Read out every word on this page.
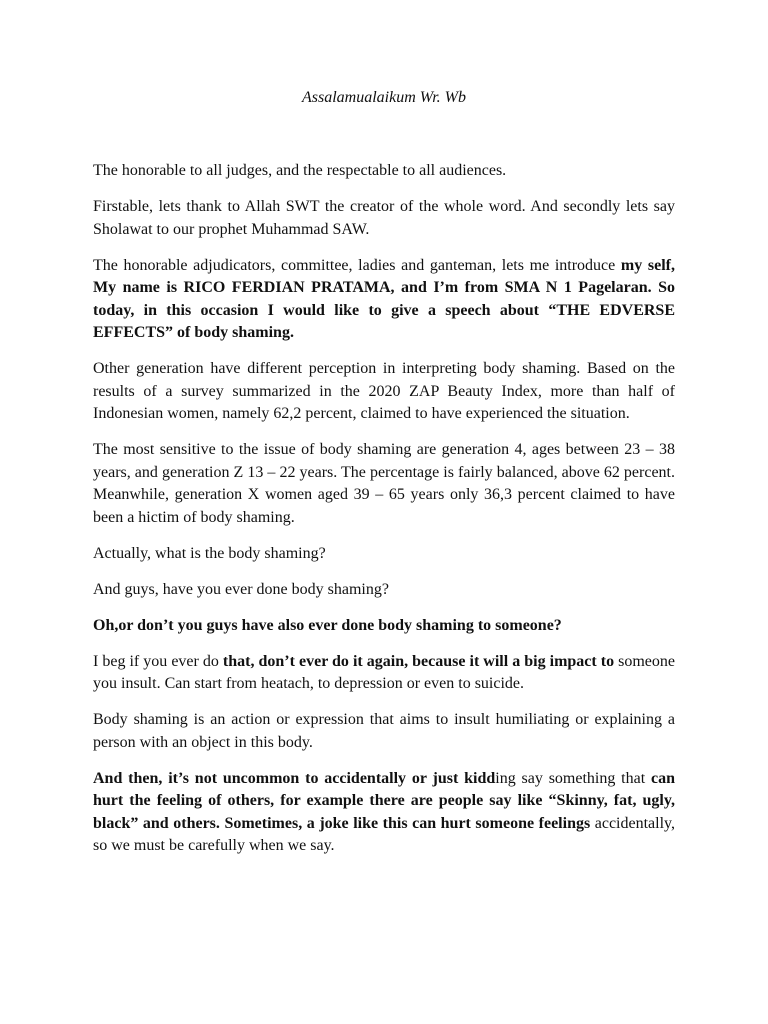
Assalamualaikum Wr. Wb

The honorable to all judges, and the respectable to all audiences.

Firstable, lets thank to Allah SWT the creator of the whole word. And secondly lets say Sholawat to our prophet Muhammad SAW.

The honorable adjudicators, committee, ladies and ganteman, lets me introduce my self, My name is RICO FERDIAN PRATAMA, and I’m from SMA N 1 Pagelaran. So today, in this occasion I would like to give a speech about “THE EDVERSE EFFECTS” of body shaming.

Other generation have different perception in interpreting body shaming. Based on the results of a survey summarized in the 2020 ZAP Beauty Index, more than half of Indonesian women, namely 62,2 percent, claimed to have experienced the situation.

The most sensitive to the issue of body shaming are generation 4, ages between 23 – 38 years, and generation Z 13 – 22 years. The percentage is fairly balanced, above 62 percent. Meanwhile, generation X women aged 39 – 65 years only 36,3 percent claimed to have been a hictim of body shaming.

Actually, what is the body shaming?

And guys, have you ever done body shaming?

Oh,or don’t you guys have also ever done body shaming to someone?

I beg if you ever do that, don’t ever do it again, because it will a big impact to someone you insult. Can start from heatach, to depression or even to suicide.

Body shaming is an action or expression that aims to insult humiliating or explaining a person with an object in this body.

And then, it’s not uncommon to accidentally or just kidding say something that can hurt the feeling of others, for example there are people say like “Skinny, fat, ugly, black” and others. Sometimes, a joke like this can hurt someone feelings accidentally, so we must be carefully when we say.
